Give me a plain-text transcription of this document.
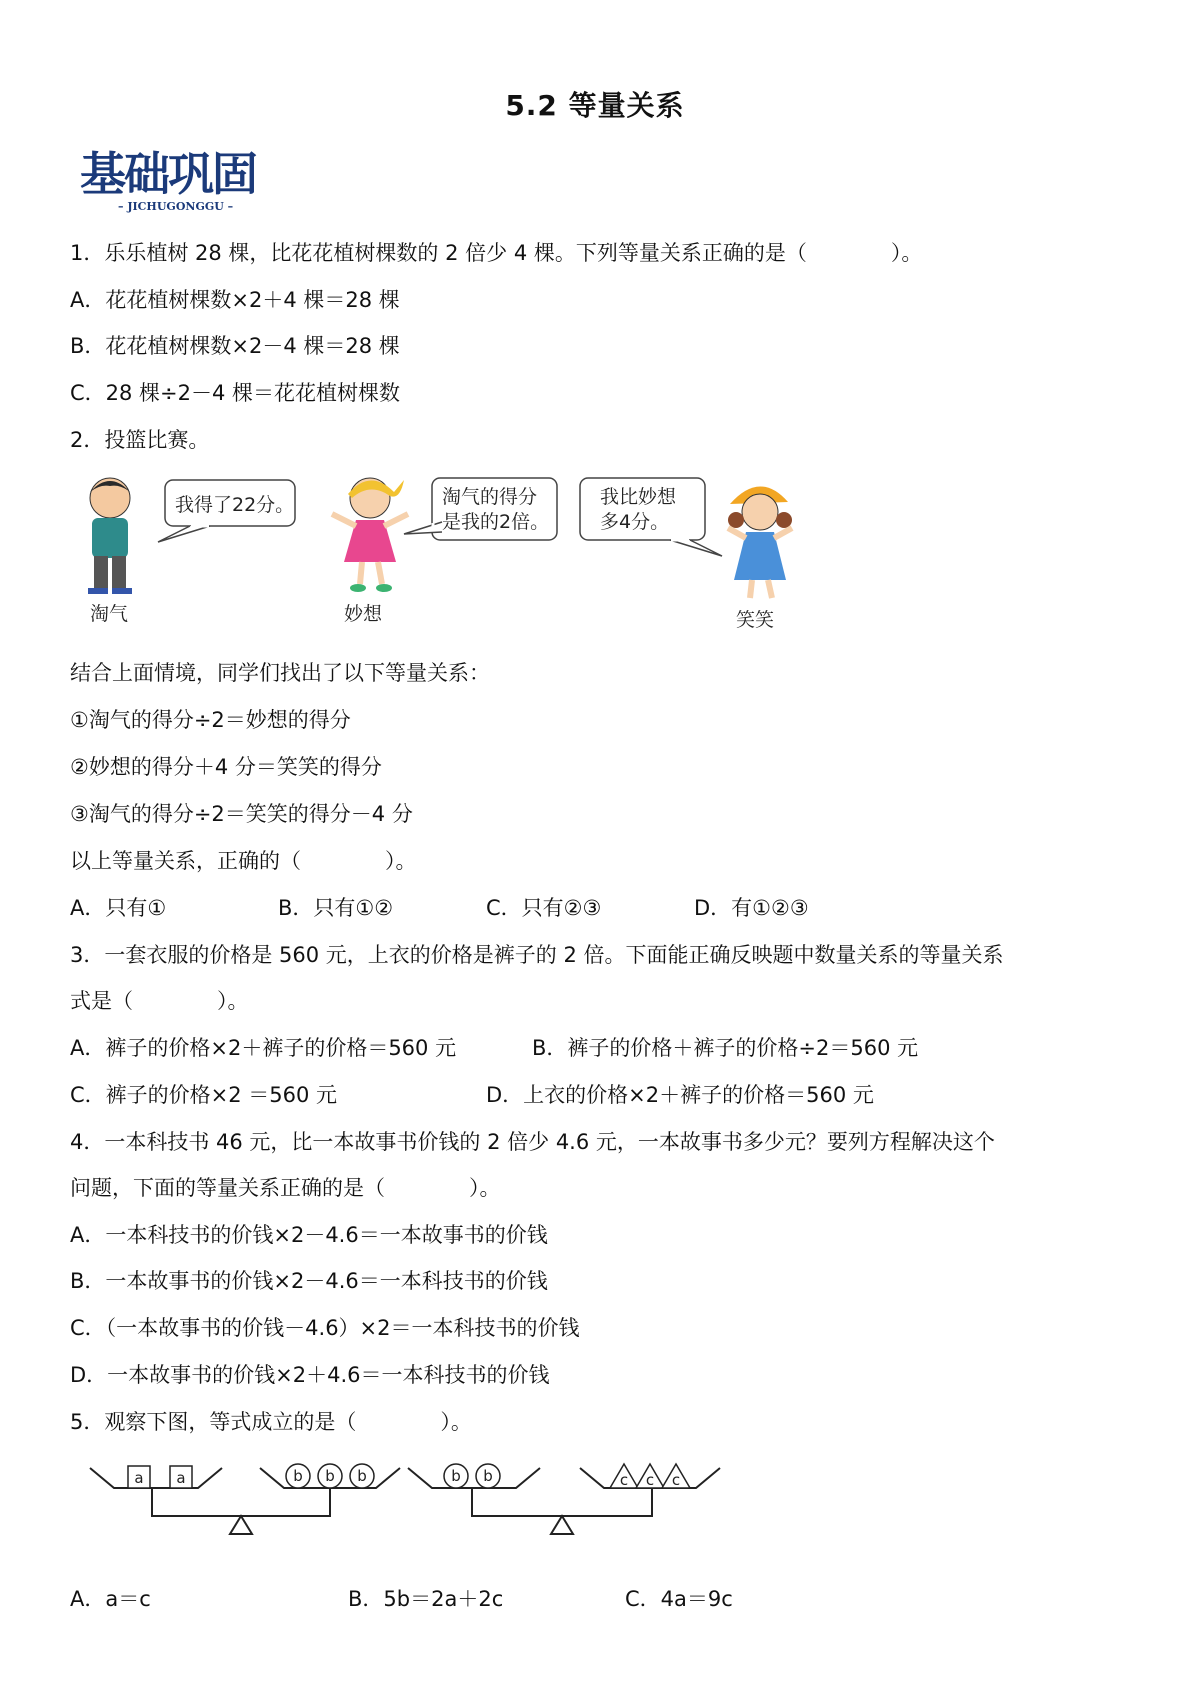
5.2 等量关系
基础巩固
– JICHUGONGGU –
1．乐乐植树 28 棵，比花花植树棵数的 2 倍少 4 棵。下列等量关系正确的是（　　　　）。
A．花花植树棵数×2＋4 棵＝28 棵
B．花花植树棵数×2－4 棵＝28 棵
C．28 棵÷2－4 棵＝花花植树棵数
2．投篮比赛。
淘气
我得了22分。
妙想
淘气的得分
是我的2倍。
我比妙想
多4分。
笑笑
结合上面情境，同学们找出了以下等量关系：
①淘气的得分÷2＝妙想的得分
②妙想的得分＋4 分＝笑笑的得分
③淘气的得分÷2＝笑笑的得分－4 分
以上等量关系，正确的（　　　　）。
A．只有①	B．只有①②	C．只有②③	D．有①②③
3．一套衣服的价格是 560 元，上衣的价格是裤子的 2 倍。下面能正确反映题中数量关系的等量关系
式是（　　　　）。
A．裤子的价格×2＋裤子的价格＝560 元	B．裤子的价格＋裤子的价格÷2＝560 元
C．裤子的价格×2 ＝560 元	D．上衣的价格×2＋裤子的价格＝560 元
4．一本科技书 46 元，比一本故事书价钱的 2 倍少 4.6 元，一本故事书多少元？要列方程解决这个
问题，下面的等量关系正确的是（　　　　）。
A．一本科技书的价钱×2－4.6＝一本故事书的价钱
B．一本故事书的价钱×2－4.6＝一本科技书的价钱
C．（一本故事书的价钱－4.6）×2＝一本科技书的价钱
D．一本故事书的价钱×2＋4.6＝一本科技书的价钱
5．观察下图，等式成立的是（　　　　）。
a a	b b b	b b	c c c
A．a＝c	B．5b＝2a＋2c	C．4a＝9c
